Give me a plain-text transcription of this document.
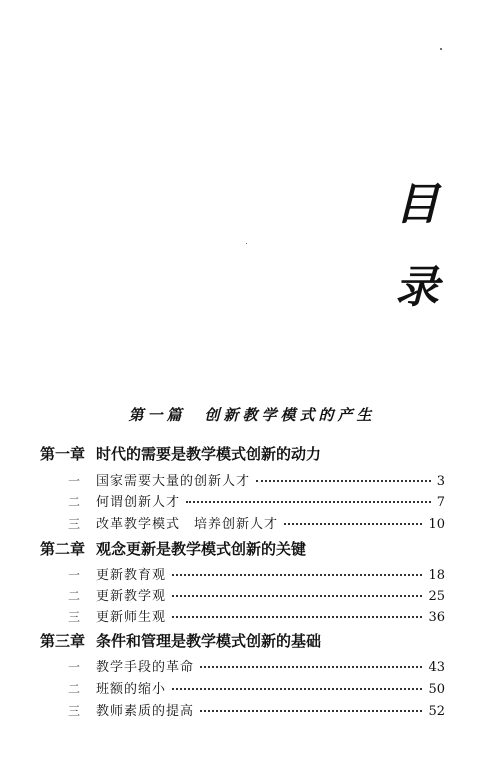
目
录
第一篇　创新教学模式的产生
第一章 时代的需要是教学模式创新的动力
一	国家需要大量的创新人才	3
二	何谓创新人才	7
三	改革教学模式　培养创新人才	10
第二章 观念更新是教学模式创新的关键
一	更新教育观	18
二	更新教学观	25
三	更新师生观	36
第三章 条件和管理是教学模式创新的基础
一	教学手段的革命	43
二	班额的缩小	50
三	教师素质的提高	52
